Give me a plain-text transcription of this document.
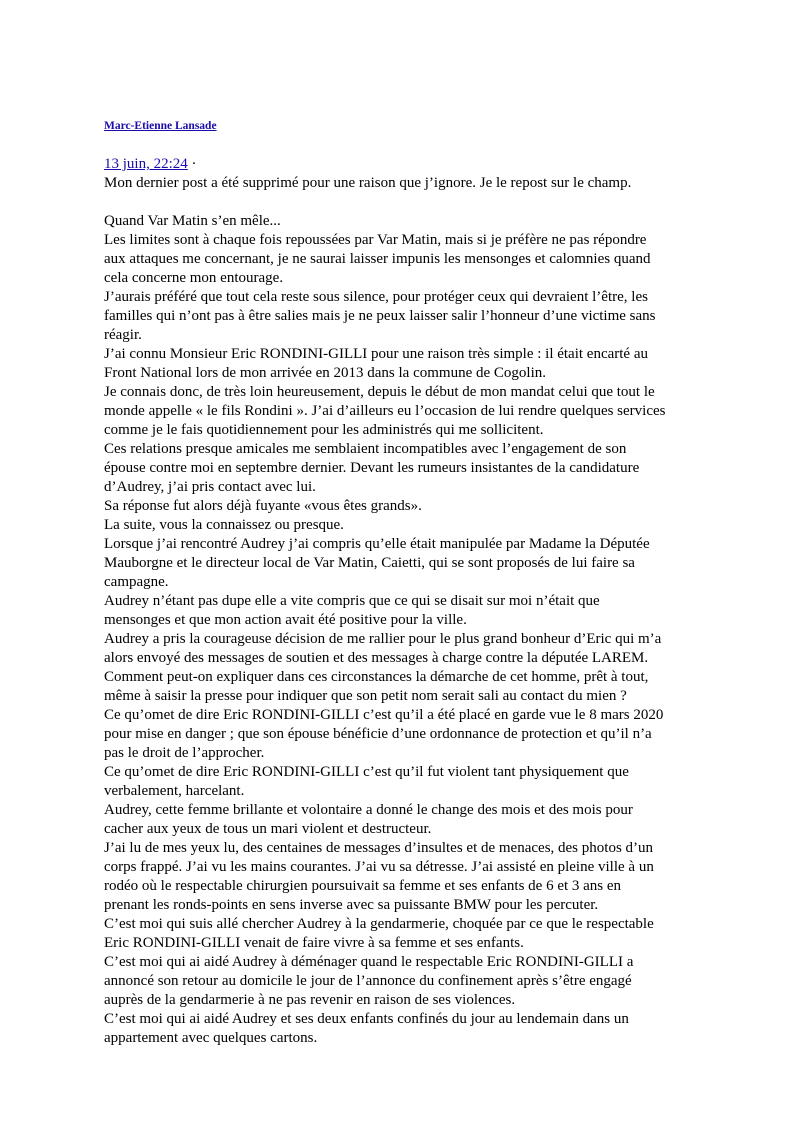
Marc-Etienne Lansade
13 juin, 22:24 ·
Mon dernier post a été supprimé pour une raison que j’ignore. Je le repost sur le champ.
Quand Var Matin s’en mêle...
Les limites sont à chaque fois repoussées par Var Matin, mais si je préfère ne pas répondre
aux attaques me concernant, je ne saurai laisser impunis les mensonges et calomnies quand
cela concerne mon entourage.
J’aurais préféré que tout cela reste sous silence, pour protéger ceux qui devraient l’être, les
familles qui n’ont pas à être salies mais je ne peux laisser salir l’honneur d’une victime sans
réagir.
J’ai connu Monsieur Eric RONDINI-GILLI pour une raison très simple : il était encarté au
Front National lors de mon arrivée en 2013 dans la commune de Cogolin.
Je connais donc, de très loin heureusement, depuis le début de mon mandat celui que tout le
monde appelle « le fils Rondini ». J’ai d’ailleurs eu l’occasion de lui rendre quelques services
comme je le fais quotidiennement pour les administrés qui me sollicitent.
Ces relations presque amicales me semblaient incompatibles avec l’engagement de son
épouse contre moi en septembre dernier. Devant les rumeurs insistantes de la candidature
d’Audrey, j’ai pris contact avec lui.
Sa réponse fut alors déjà fuyante «vous êtes grands».
La suite, vous la connaissez ou presque.
Lorsque j’ai rencontré Audrey j’ai compris qu’elle était manipulée par Madame la Députée
Mauborgne et le directeur local de Var Matin, Caietti, qui se sont proposés de lui faire sa
campagne.
Audrey n’étant pas dupe elle a vite compris que ce qui se disait sur moi n’était que
mensonges et que mon action avait été positive pour la ville.
Audrey a pris la courageuse décision de me rallier pour le plus grand bonheur d’Eric qui m’a
alors envoyé des messages de soutien et des messages à charge contre la députée LAREM.
Comment peut-on expliquer dans ces circonstances la démarche de cet homme, prêt à tout,
même à saisir la presse pour indiquer que son petit nom serait sali au contact du mien ?
Ce qu’omet de dire Eric RONDINI-GILLI c’est qu’il a été placé en garde vue le 8 mars 2020
pour mise en danger ; que son épouse bénéficie d’une ordonnance de protection et qu’il n’a
pas le droit de l’approcher.
Ce qu’omet de dire Eric RONDINI-GILLI c’est qu’il fut violent tant physiquement que
verbalement, harcelant.
Audrey, cette femme brillante et volontaire a donné le change des mois et des mois pour
cacher aux yeux de tous un mari violent et destructeur.
J’ai lu de mes yeux lu, des centaines de messages d’insultes et de menaces, des photos d’un
corps frappé. J’ai vu les mains courantes. J’ai vu sa détresse. J’ai assisté en pleine ville à un
rodéo où le respectable chirurgien poursuivait sa femme et ses enfants de 6 et 3 ans en
prenant les ronds-points en sens inverse avec sa puissante BMW pour les percuter.
C’est moi qui suis allé chercher Audrey à la gendarmerie, choquée par ce que le respectable
Eric RONDINI-GILLI venait de faire vivre à sa femme et ses enfants.
C’est moi qui ai aidé Audrey à déménager quand le respectable Eric RONDINI-GILLI a
annoncé son retour au domicile le jour de l’annonce du confinement après s’être engagé
auprès de la gendarmerie à ne pas revenir en raison de ses violences.
C’est moi qui ai aidé Audrey et ses deux enfants confinés du jour au lendemain dans un
appartement avec quelques cartons.
